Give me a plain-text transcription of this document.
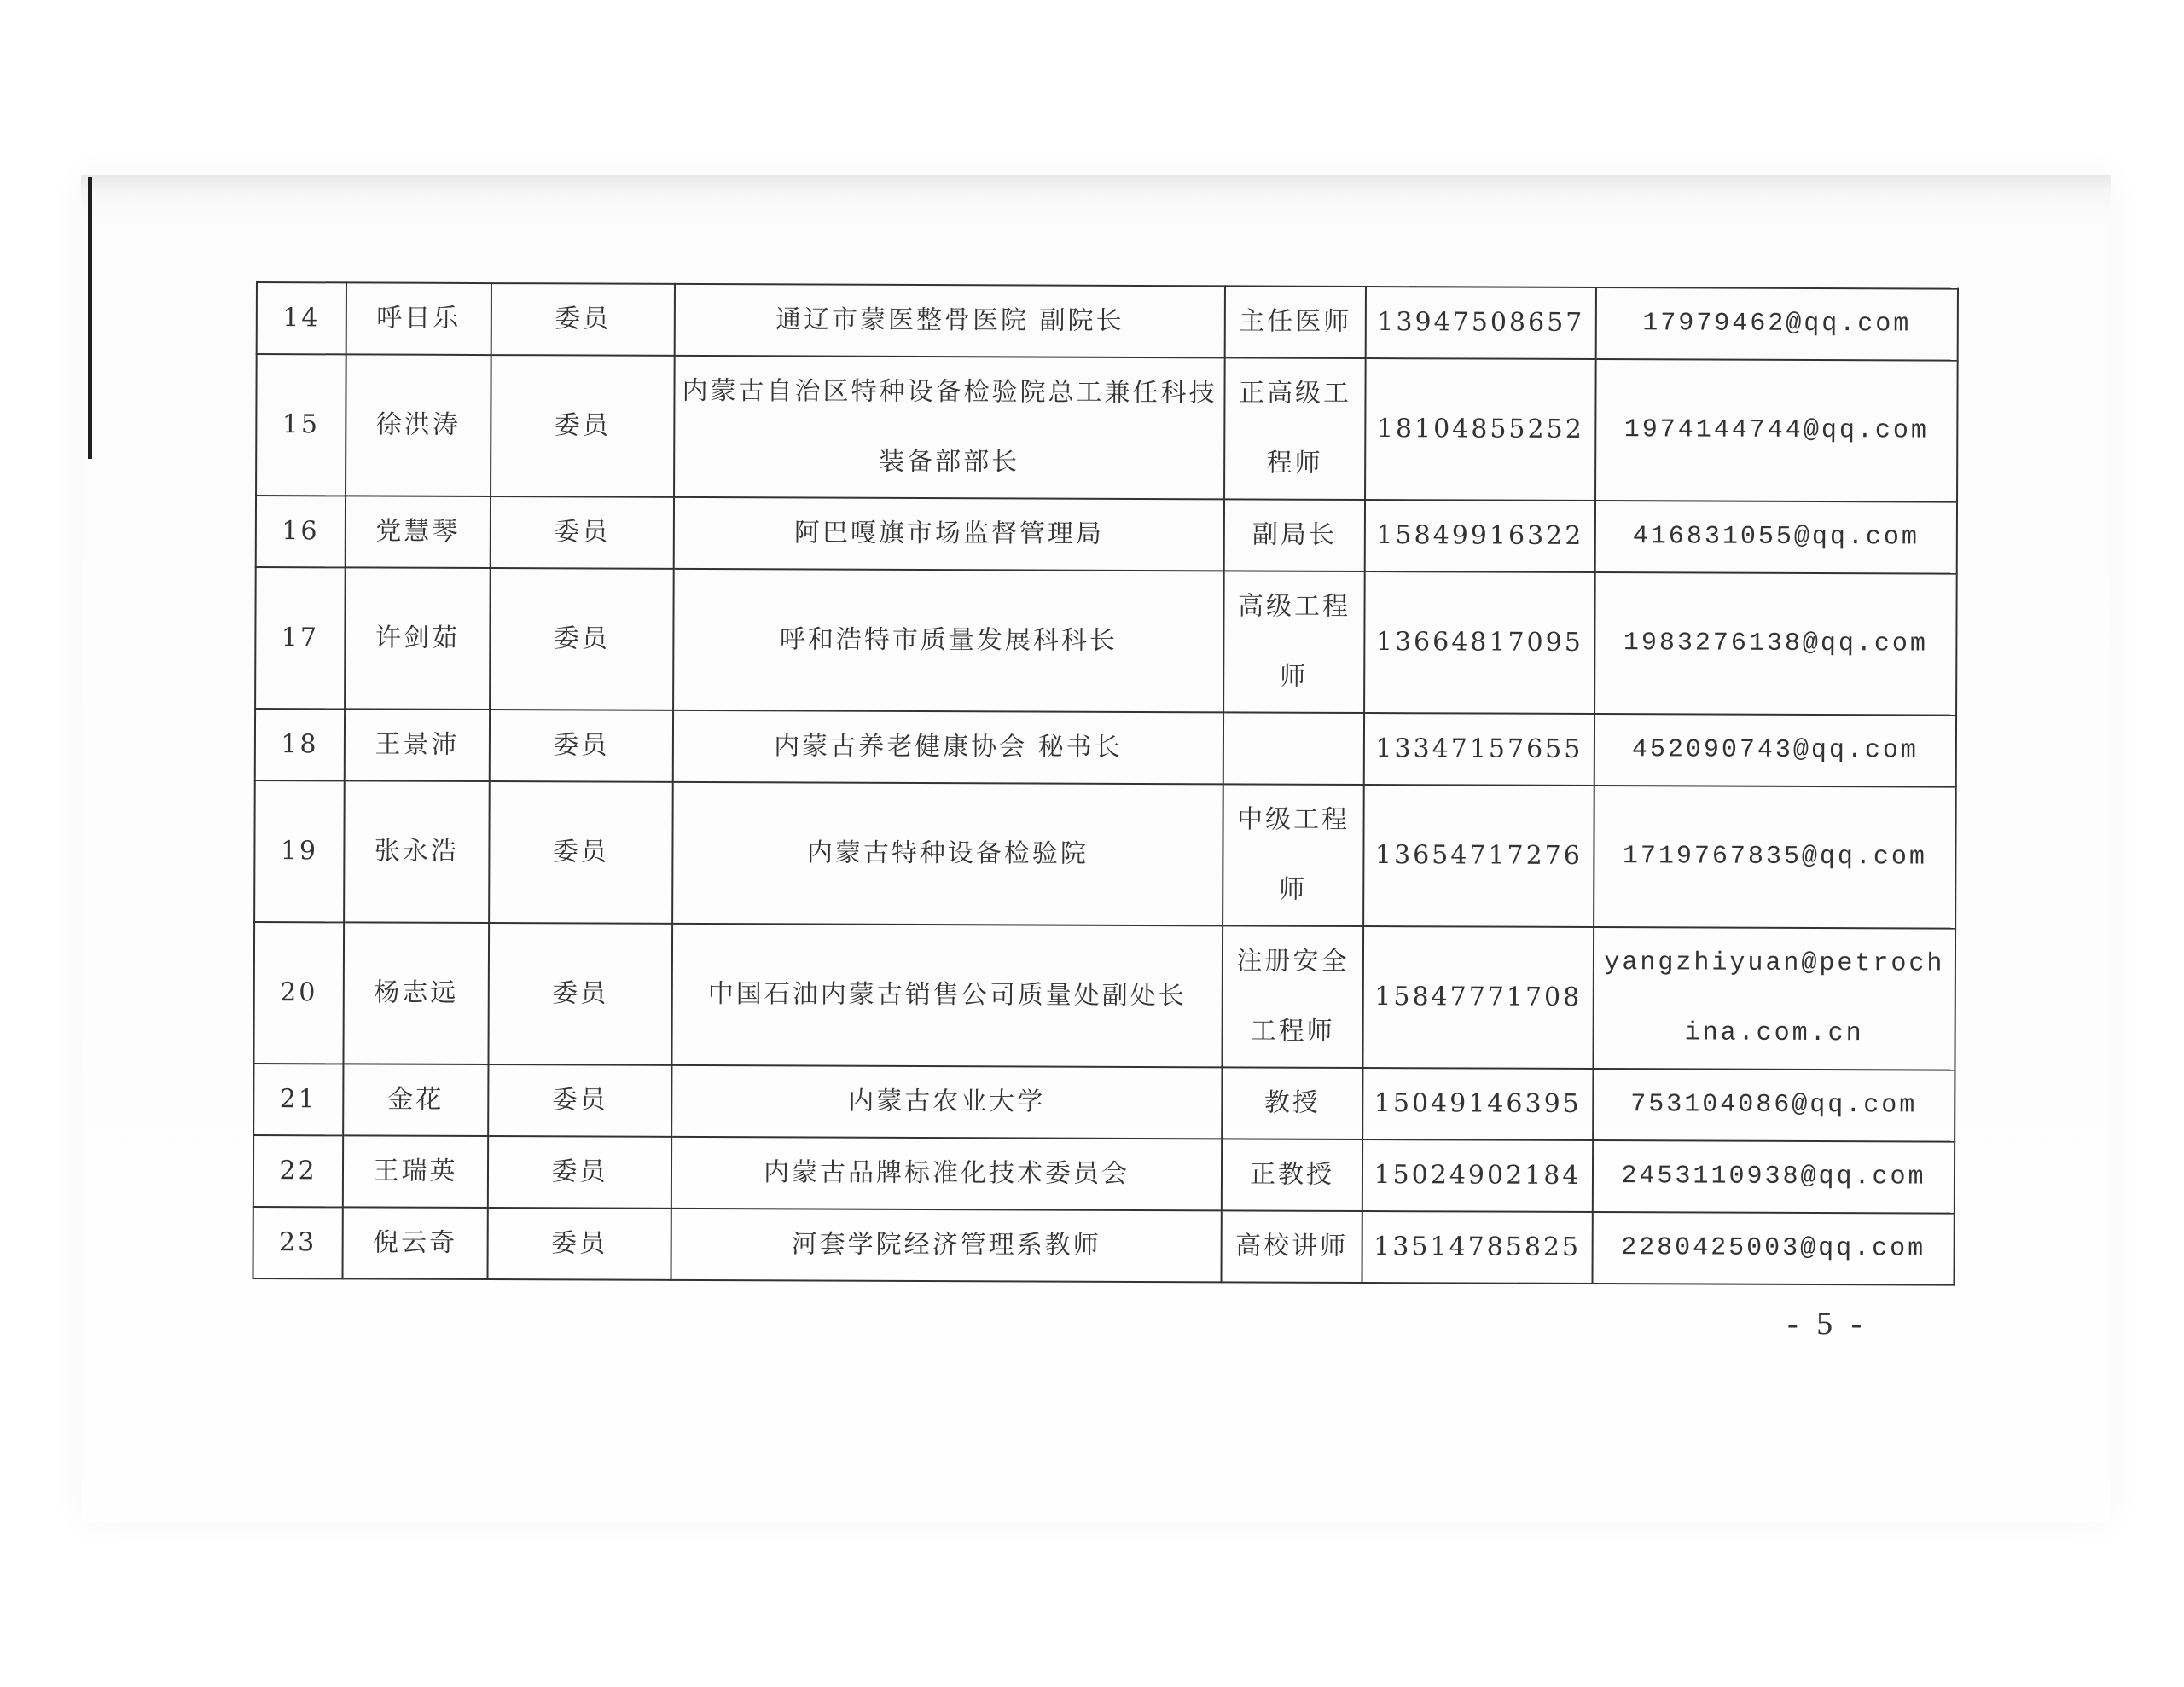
14	呼日乐	委员	通辽市蒙医整骨医院 副院长	主任医师	13947508657	17979462@qq.com
15	徐洪涛	委员	内蒙古自治区特种设备检验院总工兼任科技装备部部长	正高级工程师	18104855252	1974144744@qq.com
16	党慧琴	委员	阿巴嘎旗市场监督管理局	副局长	15849916322	416831055@qq.com
17	许剑茹	委员	呼和浩特市质量发展科科长	高级工程师	13664817095	1983276138@qq.com
18	王景沛	委员	内蒙古养老健康协会 秘书长		13347157655	452090743@qq.com
19	张永浩	委员	内蒙古特种设备检验院	中级工程师	13654717276	1719767835@qq.com
20	杨志远	委员	中国石油内蒙古销售公司质量处副处长	注册安全工程师	15847771708	yangzhiyuan@petrochina.com.cn
21	金花	委员	内蒙古农业大学	教授	15049146395	753104086@qq.com
22	王瑞英	委员	内蒙古品牌标准化技术委员会	正教授	15024902184	2453110938@qq.com
23	倪云奇	委员	河套学院经济管理系教师	高校讲师	13514785825	2280425003@qq.com
- 5 -
